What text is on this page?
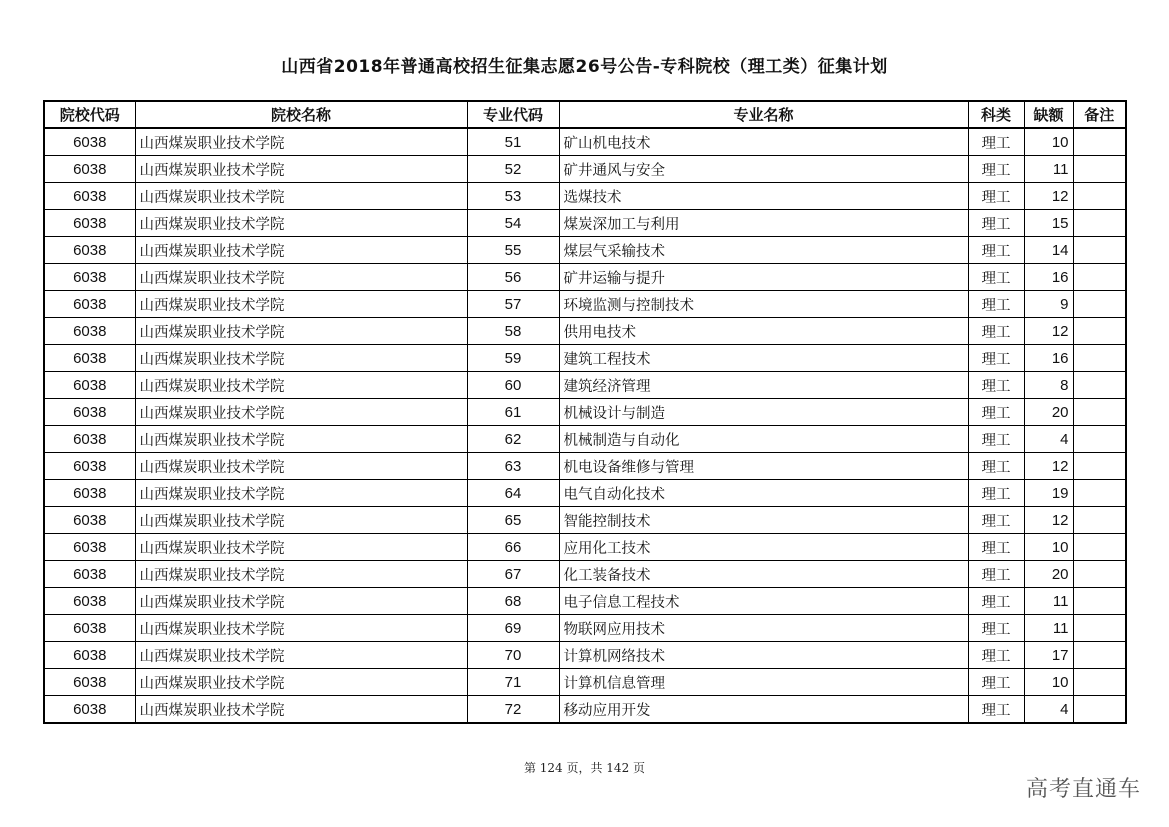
山西省2018年普通高校招生征集志愿26号公告-专科院校（理工类）征集计划
院校代码	院校名称	专业代码	专业名称	科类	缺额	备注
6038	山西煤炭职业技术学院	51	矿山机电技术	理工	10	
6038	山西煤炭职业技术学院	52	矿井通风与安全	理工	11	
6038	山西煤炭职业技术学院	53	选煤技术	理工	12	
6038	山西煤炭职业技术学院	54	煤炭深加工与利用	理工	15	
6038	山西煤炭职业技术学院	55	煤层气采输技术	理工	14	
6038	山西煤炭职业技术学院	56	矿井运输与提升	理工	16	
6038	山西煤炭职业技术学院	57	环境监测与控制技术	理工	9	
6038	山西煤炭职业技术学院	58	供用电技术	理工	12	
6038	山西煤炭职业技术学院	59	建筑工程技术	理工	16	
6038	山西煤炭职业技术学院	60	建筑经济管理	理工	8	
6038	山西煤炭职业技术学院	61	机械设计与制造	理工	20	
6038	山西煤炭职业技术学院	62	机械制造与自动化	理工	4	
6038	山西煤炭职业技术学院	63	机电设备维修与管理	理工	12	
6038	山西煤炭职业技术学院	64	电气自动化技术	理工	19	
6038	山西煤炭职业技术学院	65	智能控制技术	理工	12	
6038	山西煤炭职业技术学院	66	应用化工技术	理工	10	
6038	山西煤炭职业技术学院	67	化工装备技术	理工	20	
6038	山西煤炭职业技术学院	68	电子信息工程技术	理工	11	
6038	山西煤炭职业技术学院	69	物联网应用技术	理工	11	
6038	山西煤炭职业技术学院	70	计算机网络技术	理工	17	
6038	山西煤炭职业技术学院	71	计算机信息管理	理工	10	
6038	山西煤炭职业技术学院	72	移动应用开发	理工	4	
第 124 页，共 142 页
高考直通车
